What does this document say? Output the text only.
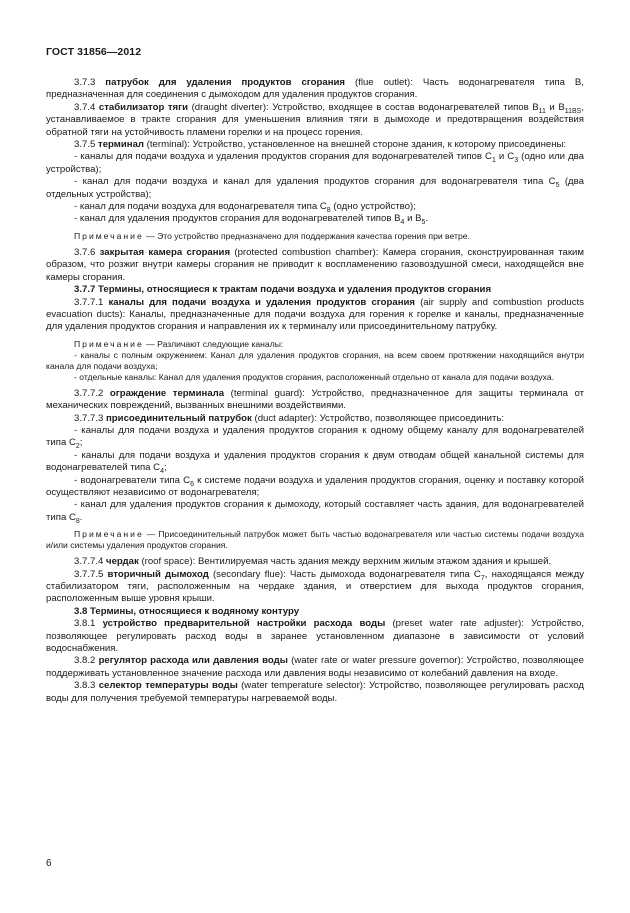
ГОСТ 31856—2012

3.7.3 патрубок для удаления продуктов сгорания (flue outlet): Часть водонагревателя типа B, предназначенная для соединения с дымоходом для удаления продуктов сгорания.

3.7.4 стабилизатор тяги (draught diverter): Устройство, входящее в состав водонагревателей типов $B_{11}$ и $B_{11BS}$, устанавливаемое в тракте сгорания для уменьшения влияния тяги в дымоходе и предотвращения воздействия обратной тяги на устойчивость пламени горелки и на процесс горения.

3.7.5 терминал (terminal): Устройство, установленное на внешней стороне здания, к которому присоединены:

- каналы для подачи воздуха и удаления продуктов сгорания для водонагревателей типов $C_1$ и $C_3$ (одно или два устройства);

- канал для подачи воздуха и канал для удаления продуктов сгорания для водонагревателя типа $C_5$ (два отдельных устройства);

- канал для подачи воздуха для водонагревателя типа $C_8$ (одно устройство);

- канал для удаления продуктов сгорания для водонагревателей типов $B_4$ и $B_5$.

Примечание — Это устройство предназначено для поддержания качества горения при ветре.

3.7.6 закрытая камера сгорания (protected combustion chamber): Камера сгорания, сконструированная таким образом, что розжиг внутри камеры сгорания не приводит к воспламенению газовоздушной смеси, находящейся вне камеры сгорания.

3.7.7 Термины, относящиеся к трактам подачи воздуха и удаления продуктов сгорания

3.7.7.1 каналы для подачи воздуха и удаления продуктов сгорания (air supply and combustion products evacuation ducts): Каналы, предназначенные для подачи воздуха для горения к горелке и каналы, предназначенные для удаления продуктов сгорания и направления их к терминалу или присоединительному патрубку.

Примечание — Различают следующие каналы:

- каналы с полным окружением: Канал для удаления продуктов сгорания, на всем своем протяжении находящийся внутри канала для подачи воздуха;

- отдельные каналы: Канал для удаления продуктов сгорания, расположенный отдельно от канала для подачи воздуха.

3.7.7.2 ограждение терминала (terminal guard): Устройство, предназначенное для защиты терминала от механических повреждений, вызванных внешними воздействиями.

3.7.7.3 присоединительный патрубок (duct adapter): Устройство, позволяющее присоединить:

- каналы для подачи воздуха и удаления продуктов сгорания к одному общему каналу для водонагревателей типа $C_2$;

- каналы для подачи воздуха и удаления продуктов сгорания к двум отводам общей канальной системы для водонагревателей типа $C_4$;

- водонагреватели типа $C_6$ к системе подачи воздуха и удаления продуктов сгорания, оценку и поставку которой осуществляют независимо от водонагревателя;

- канал для удаления продуктов сгорания к дымоходу, который составляет часть здания, для водонагревателей типа $C_8$.

Примечание — Присоединительный патрубок может быть частью водонагревателя или частью системы подачи воздуха и/или системы удаления продуктов сгорания.

3.7.7.4 чердак (roof space): Вентилируемая часть здания между верхним жилым этажом здания и крышей.

3.7.7.5 вторичный дымоход (secondary flue): Часть дымохода водонагревателя типа $C_7$, находящаяся между стабилизатором тяги, расположенным на чердаке здания, и отверстием для выхода продуктов сгорания, расположенным выше уровня крыши.

3.8 Термины, относящиеся к водяному контуру

3.8.1 устройство предварительной настройки расхода воды (preset water rate adjuster): Устройство, позволяющее регулировать расход воды в заранее установленном диапазоне в зависимости от условий водоснабжения.

3.8.2 регулятор расхода или давления воды (water rate or water pressure governor): Устройство, позволяющее поддерживать установленное значение расхода или давления воды независимо от колебаний давления на входе.

3.8.3 селектор температуры воды (water temperature selector): Устройство, позволяющее регулировать расход воды для получения требуемой температуры нагреваемой воды.

6
